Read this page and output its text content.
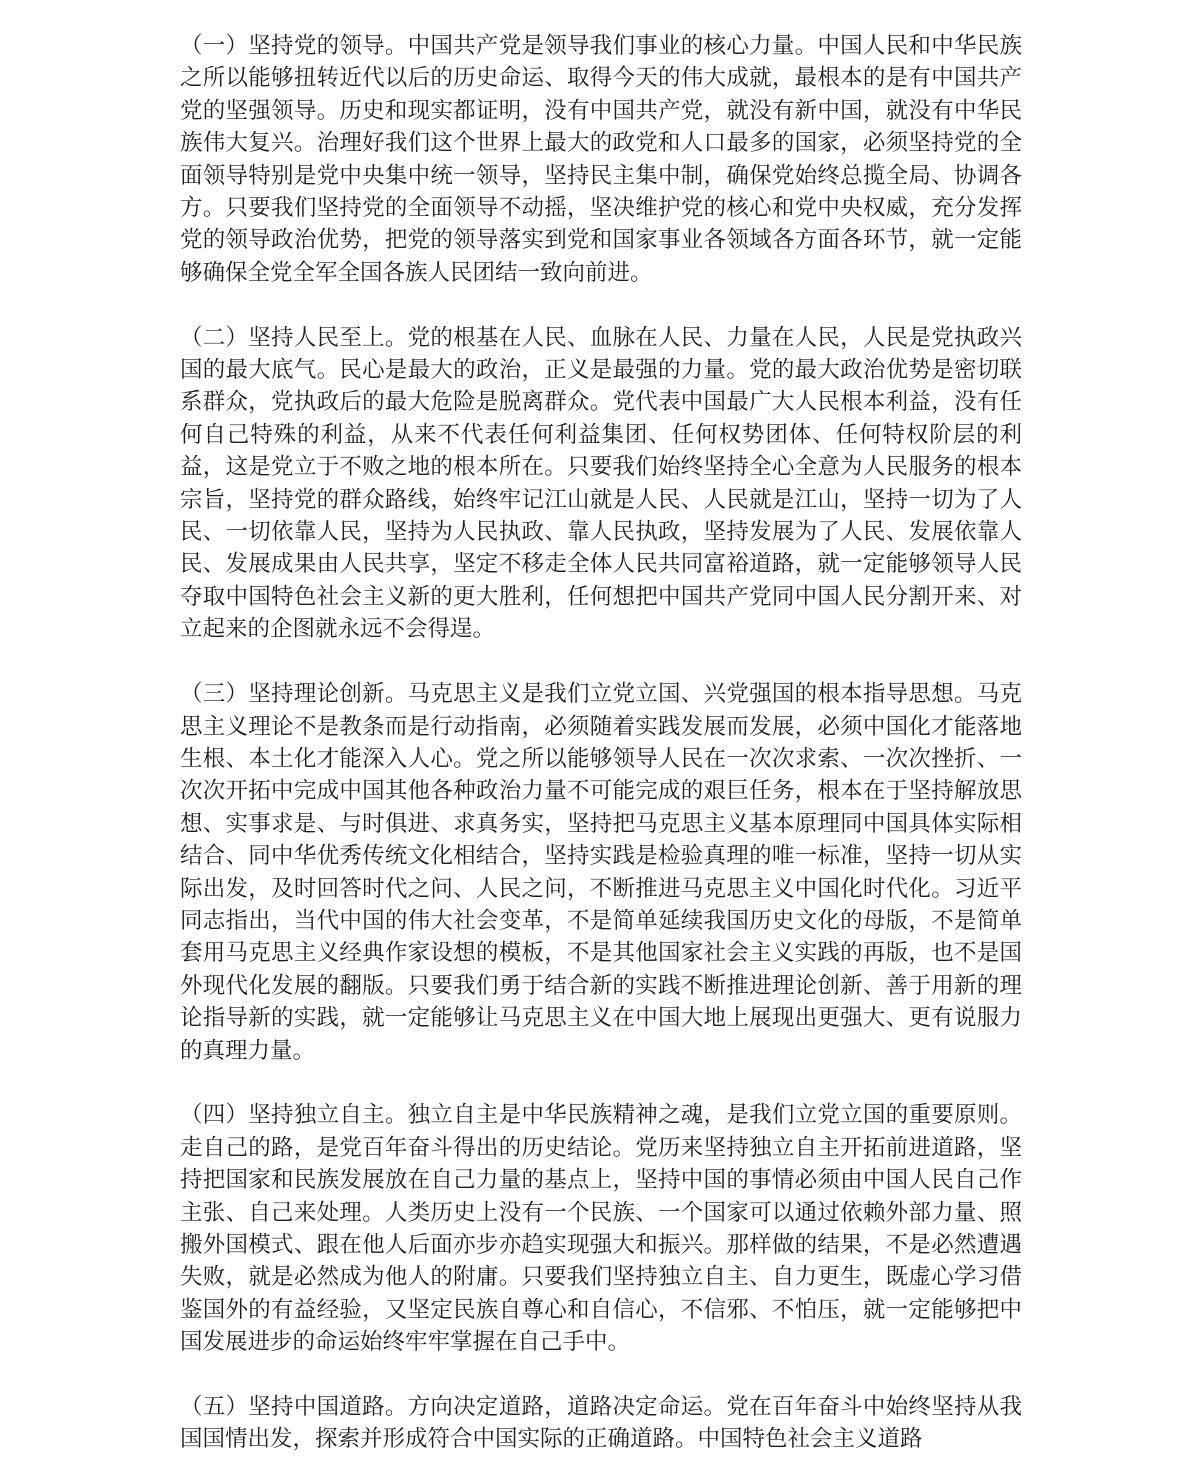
（一）坚持党的领导。中国共产党是领导我们事业的核心力量。中国人民和中华民族之所以能够扭转近代以后的历史命运、取得今天的伟大成就，最根本的是有中国共产党的坚强领导。历史和现实都证明，没有中国共产党，就没有新中国，就没有中华民族伟大复兴。治理好我们这个世界上最大的政党和人口最多的国家，必须坚持党的全面领导特别是党中央集中统一领导，坚持民主集中制，确保党始终总揽全局、协调各方。只要我们坚持党的全面领导不动摇，坚决维护党的核心和党中央权威，充分发挥党的领导政治优势，把党的领导落实到党和国家事业各领域各方面各环节，就一定能够确保全党全军全国各族人民团结一致向前进。

（二）坚持人民至上。党的根基在人民、血脉在人民、力量在人民，人民是党执政兴国的最大底气。民心是最大的政治，正义是最强的力量。党的最大政治优势是密切联系群众，党执政后的最大危险是脱离群众。党代表中国最广大人民根本利益，没有任何自己特殊的利益，从来不代表任何利益集团、任何权势团体、任何特权阶层的利益，这是党立于不败之地的根本所在。只要我们始终坚持全心全意为人民服务的根本宗旨，坚持党的群众路线，始终牢记江山就是人民、人民就是江山，坚持一切为了人民、一切依靠人民，坚持为人民执政、靠人民执政，坚持发展为了人民、发展依靠人民、发展成果由人民共享，坚定不移走全体人民共同富裕道路，就一定能够领导人民夺取中国特色社会主义新的更大胜利，任何想把中国共产党同中国人民分割开来、对立起来的企图就永远不会得逞。

（三）坚持理论创新。马克思主义是我们立党立国、兴党强国的根本指导思想。马克思主义理论不是教条而是行动指南，必须随着实践发展而发展，必须中国化才能落地生根、本土化才能深入人心。党之所以能够领导人民在一次次求索、一次次挫折、一次次开拓中完成中国其他各种政治力量不可能完成的艰巨任务，根本在于坚持解放思想、实事求是、与时俱进、求真务实，坚持把马克思主义基本原理同中国具体实际相结合、同中华优秀传统文化相结合，坚持实践是检验真理的唯一标准，坚持一切从实际出发，及时回答时代之问、人民之问，不断推进马克思主义中国化时代化。习近平同志指出，当代中国的伟大社会变革，不是简单延续我国历史文化的母版，不是简单套用马克思主义经典作家设想的模板，不是其他国家社会主义实践的再版，也不是国外现代化发展的翻版。只要我们勇于结合新的实践不断推进理论创新、善于用新的理论指导新的实践，就一定能够让马克思主义在中国大地上展现出更强大、更有说服力的真理力量。

（四）坚持独立自主。独立自主是中华民族精神之魂，是我们立党立国的重要原则。走自己的路，是党百年奋斗得出的历史结论。党历来坚持独立自主开拓前进道路，坚持把国家和民族发展放在自己力量的基点上，坚持中国的事情必须由中国人民自己作主张、自己来处理。人类历史上没有一个民族、一个国家可以通过依赖外部力量、照搬外国模式、跟在他人后面亦步亦趋实现强大和振兴。那样做的结果，不是必然遭遇失败，就是必然成为他人的附庸。只要我们坚持独立自主、自力更生，既虚心学习借鉴国外的有益经验，又坚定民族自尊心和自信心，不信邪、不怕压，就一定能够把中国发展进步的命运始终牢牢掌握在自己手中。

（五）坚持中国道路。方向决定道路，道路决定命运。党在百年奋斗中始终坚持从我国国情出发，探索并形成符合中国实际的正确道路。中国特色社会主义道路
